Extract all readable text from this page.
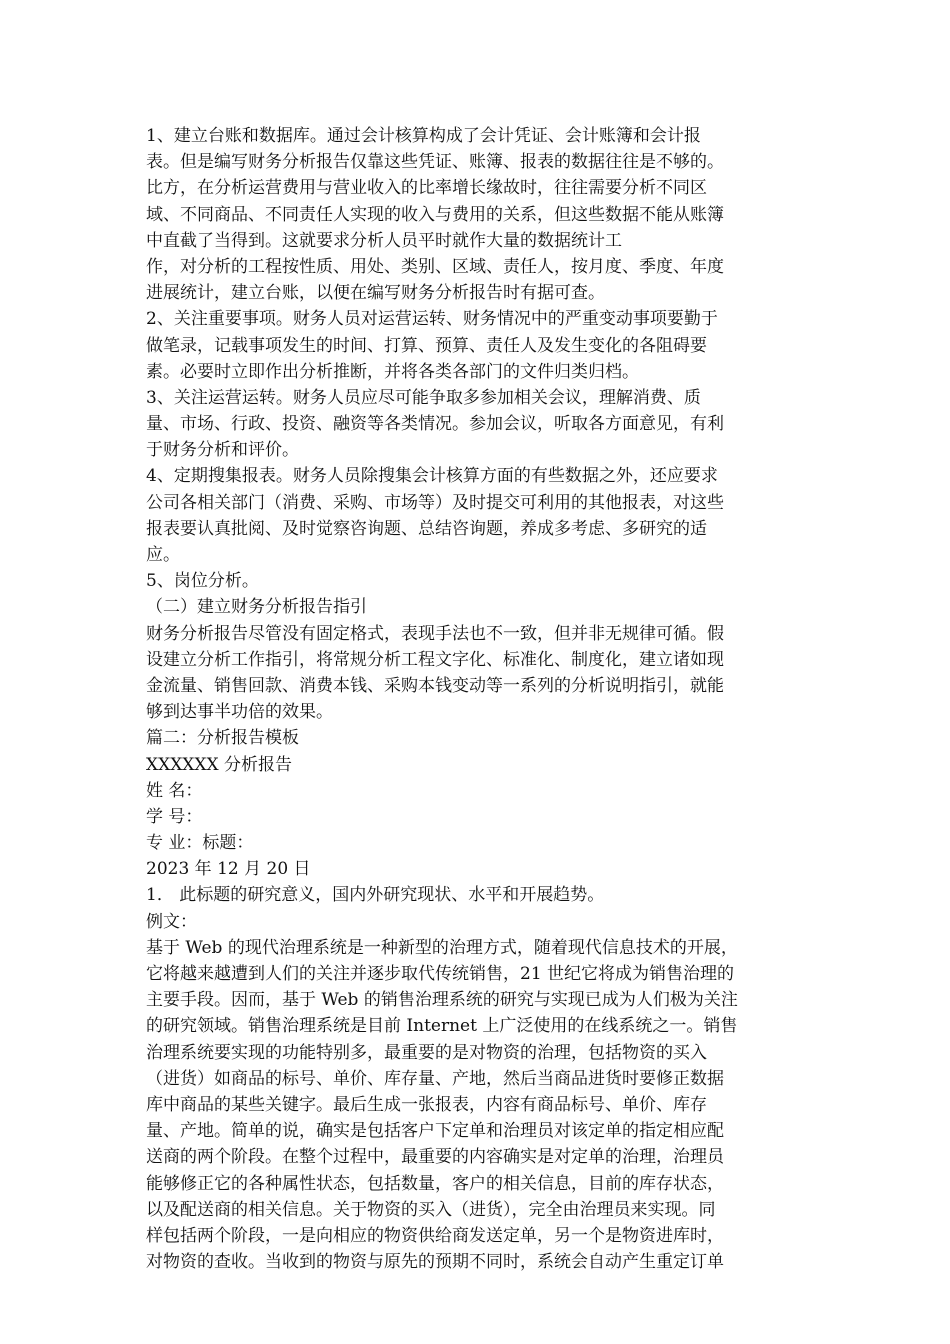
1、建立台账和数据库。通过会计核算构成了会计凭证、会计账簿和会计报
表。但是编写财务分析报告仅靠这些凭证、账簿、报表的数据往往是不够的。
比方，在分析运营费用与营业收入的比率增长缘故时，往往需要分析不同区
域、不同商品、不同责任人实现的收入与费用的关系，但这些数据不能从账簿
中直截了当得到。这就要求分析人员平时就作大量的数据统计工
作，对分析的工程按性质、用处、类别、区域、责任人，按月度、季度、年度
进展统计，建立台账，以便在编写财务分析报告时有据可查。
2、关注重要事项。财务人员对运营运转、财务情况中的严重变动事项要勤于
做笔录，记载事项发生的时间、打算、预算、责任人及发生变化的各阻碍要
素。必要时立即作出分析推断，并将各类各部门的文件归类归档。
3、关注运营运转。财务人员应尽可能争取多参加相关会议，理解消费、质
量、市场、行政、投资、融资等各类情况。参加会议，听取各方面意见，有利
于财务分析和评价。
4、定期搜集报表。财务人员除搜集会计核算方面的有些数据之外，还应要求
公司各相关部门（消费、采购、市场等）及时提交可利用的其他报表，对这些
报表要认真批阅、及时觉察咨询题、总结咨询题，养成多考虑、多研究的适
应。
5、岗位分析。
（二）建立财务分析报告指引
财务分析报告尽管没有固定格式，表现手法也不一致，但并非无规律可循。假
设建立分析工作指引，将常规分析工程文字化、标准化、制度化，建立诸如现
金流量、销售回款、消费本钱、采购本钱变动等一系列的分析说明指引，就能
够到达事半功倍的效果。
篇二：分析报告模板
XXXXXX 分析报告
姓 名：
学 号：
专 业：标题：
2023 年 12 月 20 日
1． 此标题的研究意义，国内外研究现状、水平和开展趋势。
例文：
基于 Web 的现代治理系统是一种新型的治理方式，随着现代信息技术的开展，
它将越来越遭到人们的关注并逐步取代传统销售，21 世纪它将成为销售治理的
主要手段。因而，基于 Web 的销售治理系统的研究与实现已成为人们极为关注
的研究领域。销售治理系统是目前 Internet 上广泛使用的在线系统之一。销售
治理系统要实现的功能特别多，最重要的是对物资的治理，包括物资的买入
（进货）如商品的标号、单价、库存量、产地，然后当商品进货时要修正数据
库中商品的某些关键字。最后生成一张报表，内容有商品标号、单价、库存
量、产地。简单的说，确实是包括客户下定单和治理员对该定单的指定相应配
送商的两个阶段。在整个过程中，最重要的内容确实是对定单的治理，治理员
能够修正它的各种属性状态，包括数量，客户的相关信息，目前的库存状态，
以及配送商的相关信息。关于物资的买入（进货），完全由治理员来实现。同
样包括两个阶段，一是向相应的物资供给商发送定单，另一个是物资进库时，
对物资的查收。当收到的物资与原先的预期不同时，系统会自动产生重定订单
